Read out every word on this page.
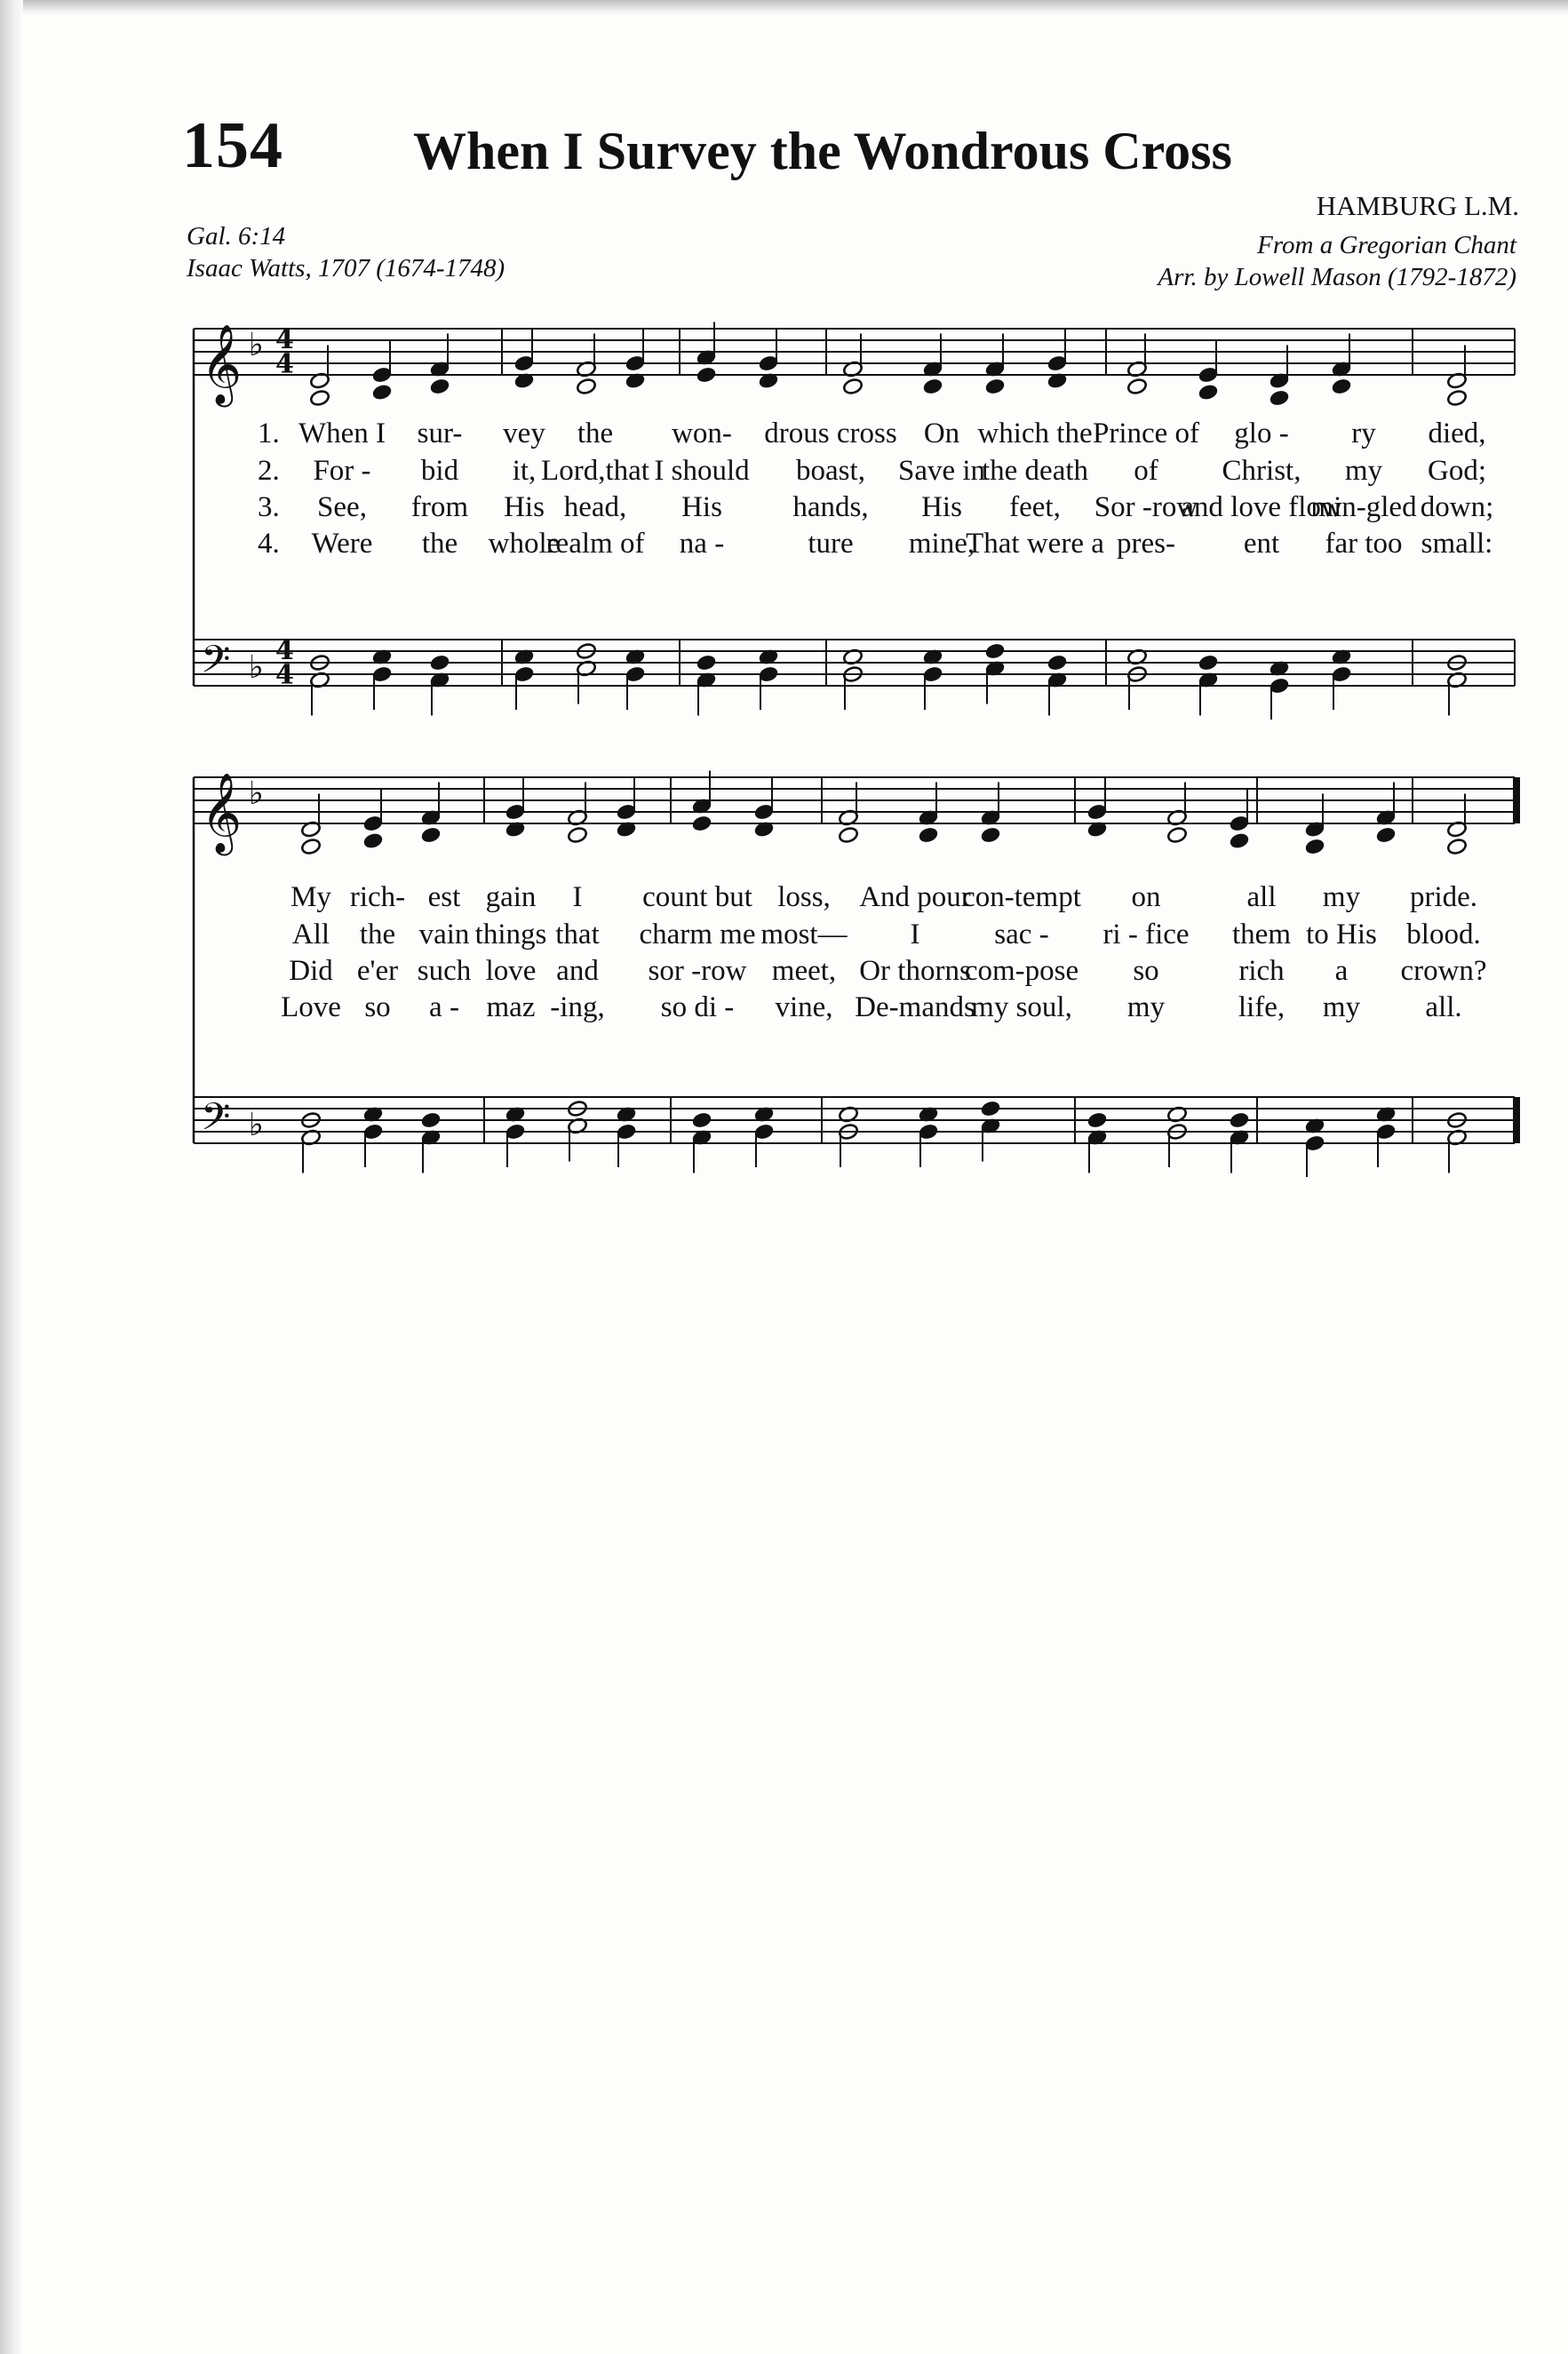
154 When I Survey the Wondrous Cross
HAMBURG L.M.
Gal. 6:14
Isaac Watts, 1707 (1674-1748)
From a Gregorian Chant
Arr. by Lowell Mason (1792-1872)
𝄞
𝄢
♭
♭
4
4
4
4
1. When I sur- vey the won- drous cross On which the Prince of glo - ry died,
2. For - bid it, Lord,that I should boast, Save in
the death of Christ, my God;
3. See, from His head, His hands, His feet, Sor -row
and love flow
min-gled down;
4. Were the whole
realm of na -	ture mine,
That were a pres- ent far too small:
𝄞
𝄢
♭
♭
My rich- est gain I count but loss, And pour
con-tempt on	all my pride.
All the vain things that charm me most— I	sac - ri - fice them to His blood.
Did e'er such love and sor -row meet, Or thorns
com-pose so	rich a crown?
Love so a - maz -ing, so di - vine, De-mands
my soul, my	life, my all.
